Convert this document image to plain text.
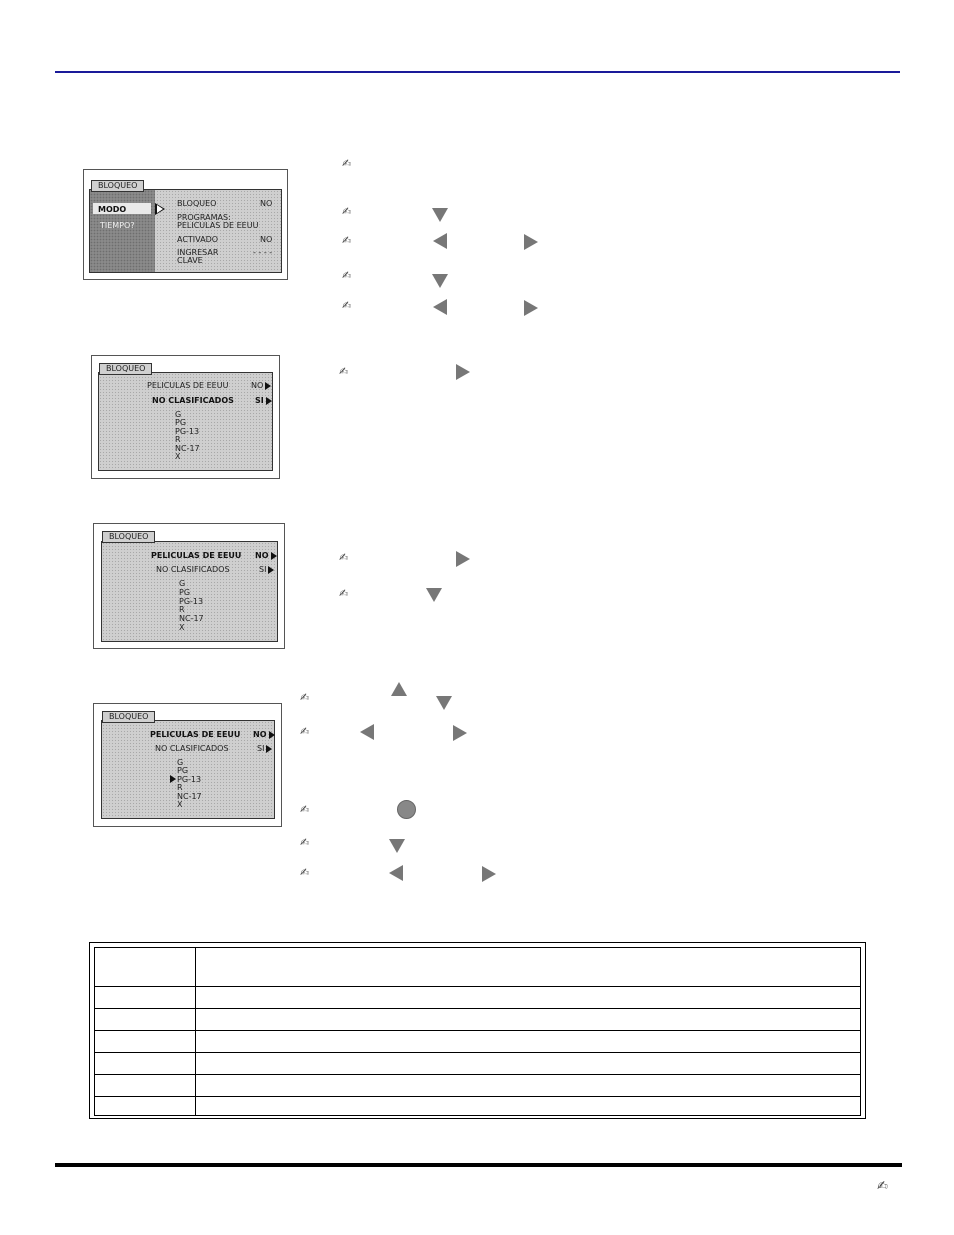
MODO
TIEMPO?
BLOQUEO	NO
PROGRAMAS:
PELICULAS DE EEUU
ACTIVADO	NO
INGRESAR
CLAVE
- - - -
BLOQUEO
PELICULAS DE EEUU	NO
NO CLASIFICADOS	SI
G
PG
PG-13
R
NC-17
X
BLOQUEO
PELICULAS DE EEUU NO
NO CLASIFICADOS	SI
G
PG
PG-13
R
NC-17
X
BLOQUEO
PELICULAS DE EEUU NO
NO CLASIFICADOS	SI
G
PG
PG-13
R
NC-17
X
BLOQUEO
✍
✍
✍
✍
✍
✍
✍
✍
✍
✍
✍
✍
✍
✍
